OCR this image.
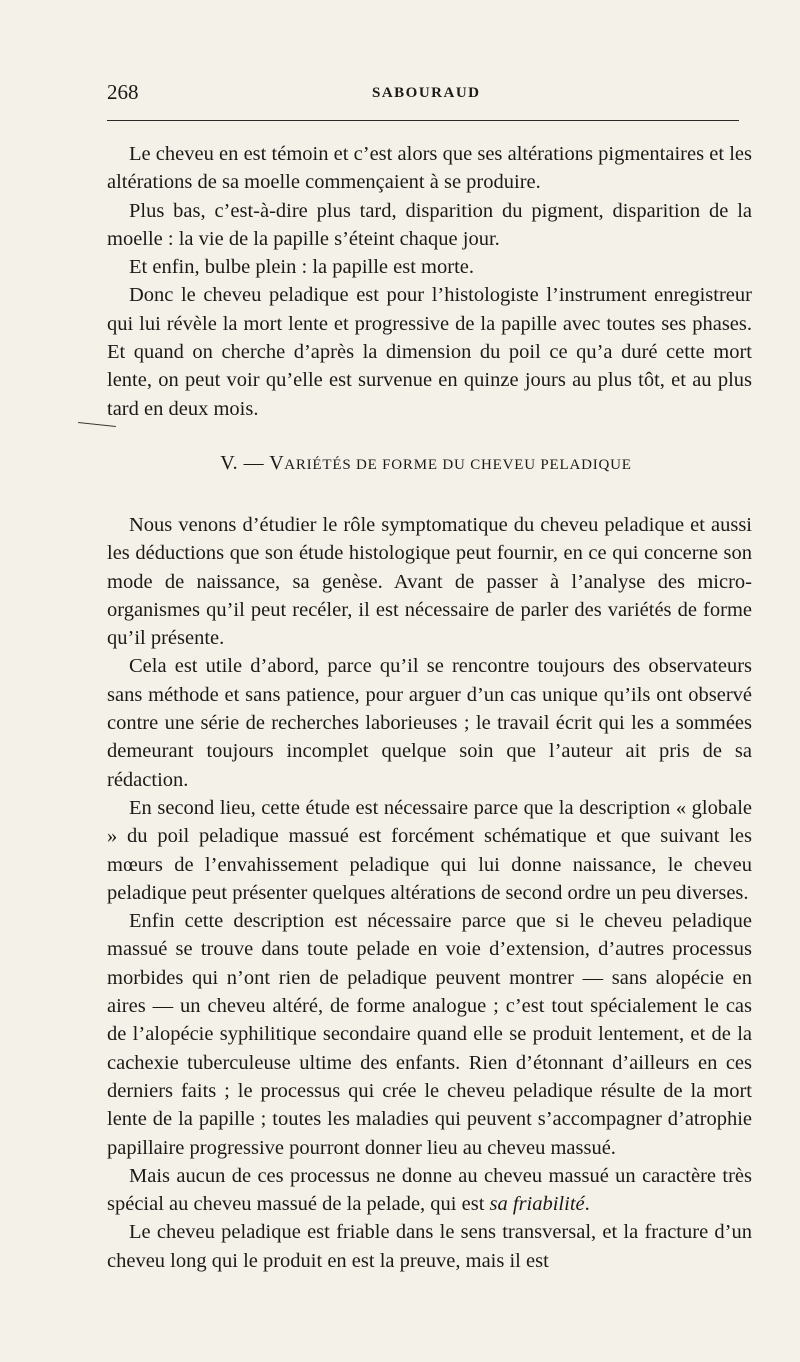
268	SABOURAUD

Le cheveu en est témoin et c’est alors que ses altérations pigmentaires et les altérations de sa moelle commençaient à se produire.

Plus bas, c’est-à-dire plus tard, disparition du pigment, disparition de la moelle : la vie de la papille s’éteint chaque jour.

Et enfin, bulbe plein : la papille est morte.

Donc le cheveu peladique est pour l’histologiste l’instrument enregistreur qui lui révèle la mort lente et progressive de la papille avec toutes ses phases. Et quand on cherche d’après la dimension du poil ce qu’a duré cette mort lente, on peut voir qu’elle est survenue en quinze jours au plus tôt, et au plus tard en deux mois.

V. — VARIÉTÉS DE FORME DU CHEVEU PELADIQUE

Nous venons d’étudier le rôle symptomatique du cheveu peladique et aussi les déductions que son étude histologique peut fournir, en ce qui concerne son mode de naissance, sa genèse. Avant de passer à l’analyse des micro-organismes qu’il peut recéler, il est nécessaire de parler des variétés de forme qu’il présente.

Cela est utile d’abord, parce qu’il se rencontre toujours des observateurs sans méthode et sans patience, pour arguer d’un cas unique qu’ils ont observé contre une série de recherches laborieuses ; le travail écrit qui les a sommées demeurant toujours incomplet quelque soin que l’auteur ait pris de sa rédaction.

En second lieu, cette étude est nécessaire parce que la description « globale » du poil peladique massué est forcément schématique et que suivant les mœurs de l’envahissement peladique qui lui donne naissance, le cheveu peladique peut présenter quelques altérations de second ordre un peu diverses.

Enfin cette description est nécessaire parce que si le cheveu peladique massué se trouve dans toute pelade en voie d’extension, d’autres processus morbides qui n’ont rien de peladique peuvent montrer — sans alopécie en aires — un cheveu altéré, de forme analogue ; c’est tout spécialement le cas de l’alopécie syphilitique secondaire quand elle se produit lentement, et de la cachexie tuberculeuse ultime des enfants. Rien d’étonnant d’ailleurs en ces derniers faits ; le processus qui crée le cheveu peladique résulte de la mort lente de la papille ; toutes les maladies qui peuvent s’accompagner d’atrophie papillaire progressive pourront donner lieu au cheveu massué.

Mais aucun de ces processus ne donne au cheveu massué un caractère très spécial au cheveu massué de la pelade, qui est sa friabilité.

Le cheveu peladique est friable dans le sens transversal, et la fracture d’un cheveu long qui le produit en est la preuve, mais il est
